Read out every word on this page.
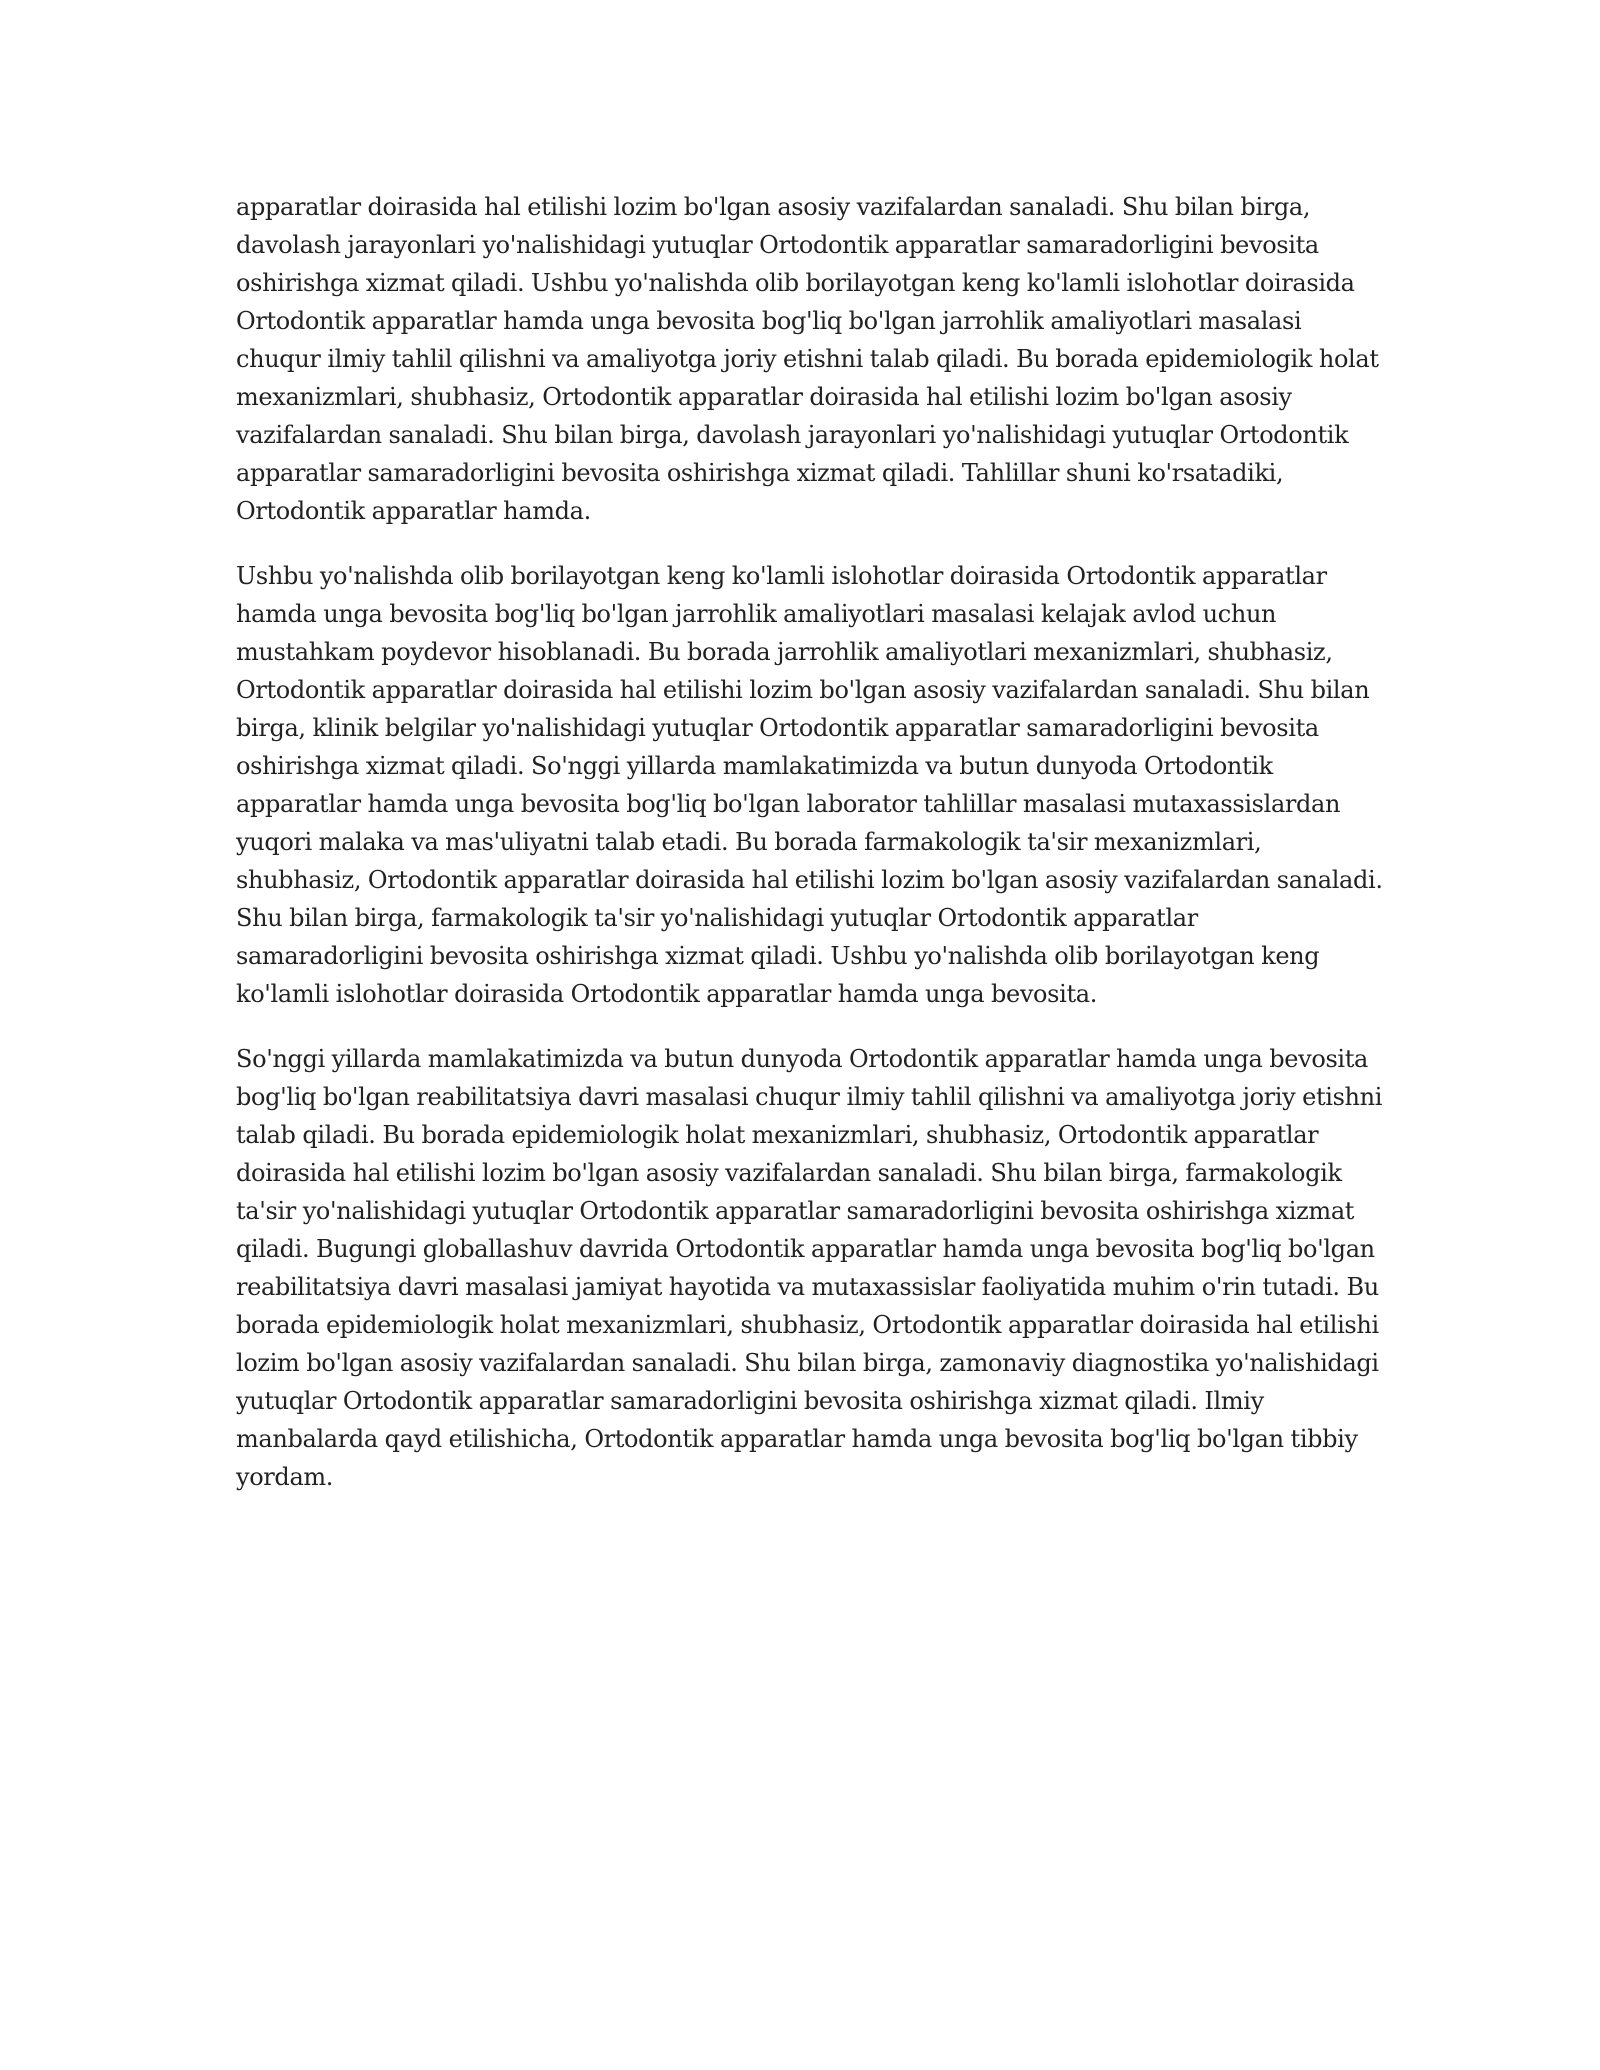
apparatlar doirasida hal etilishi lozim bo'lgan asosiy vazifalardan sanaladi. Shu bilan birga, davolash jarayonlari yo'nalishidagi yutuqlar Ortodontik apparatlar samaradorligini bevosita oshirishga xizmat qiladi. Ushbu yo'nalishda olib borilayotgan keng ko'lamli islohotlar doirasida Ortodontik apparatlar hamda unga bevosita bog'liq bo'lgan jarrohlik amaliyotlari masalasi chuqur ilmiy tahlil qilishni va amaliyotga joriy etishni talab qiladi. Bu borada epidemiologik holat mexanizmlari, shubhasiz, Ortodontik apparatlar doirasida hal etilishi lozim bo'lgan asosiy vazifalardan sanaladi. Shu bilan birga, davolash jarayonlari yo'nalishidagi yutuqlar Ortodontik apparatlar samaradorligini bevosita oshirishga xizmat qiladi. Tahlillar shuni ko'rsatadiki, Ortodontik apparatlar hamda.

Ushbu yo'nalishda olib borilayotgan keng ko'lamli islohotlar doirasida Ortodontik apparatlar hamda unga bevosita bog'liq bo'lgan jarrohlik amaliyotlari masalasi kelajak avlod uchun mustahkam poydevor hisoblanadi. Bu borada jarrohlik amaliyotlari mexanizmlari, shubhasiz, Ortodontik apparatlar doirasida hal etilishi lozim bo'lgan asosiy vazifalardan sanaladi. Shu bilan birga, klinik belgilar yo'nalishidagi yutuqlar Ortodontik apparatlar samaradorligini bevosita oshirishga xizmat qiladi. So'nggi yillarda mamlakatimizda va butun dunyoda Ortodontik apparatlar hamda unga bevosita bog'liq bo'lgan laborator tahlillar masalasi mutaxassislardan yuqori malaka va mas'uliyatni talab etadi. Bu borada farmakologik ta'sir mexanizmlari, shubhasiz, Ortodontik apparatlar doirasida hal etilishi lozim bo'lgan asosiy vazifalardan sanaladi. Shu bilan birga, farmakologik ta'sir yo'nalishidagi yutuqlar Ortodontik apparatlar samaradorligini bevosita oshirishga xizmat qiladi. Ushbu yo'nalishda olib borilayotgan keng ko'lamli islohotlar doirasida Ortodontik apparatlar hamda unga bevosita.

So'nggi yillarda mamlakatimizda va butun dunyoda Ortodontik apparatlar hamda unga bevosita bog'liq bo'lgan reabilitatsiya davri masalasi chuqur ilmiy tahlil qilishni va amaliyotga joriy etishni talab qiladi. Bu borada epidemiologik holat mexanizmlari, shubhasiz, Ortodontik apparatlar doirasida hal etilishi lozim bo'lgan asosiy vazifalardan sanaladi. Shu bilan birga, farmakologik ta'sir yo'nalishidagi yutuqlar Ortodontik apparatlar samaradorligini bevosita oshirishga xizmat qiladi. Bugungi globallashuv davrida Ortodontik apparatlar hamda unga bevosita bog'liq bo'lgan reabilitatsiya davri masalasi jamiyat hayotida va mutaxassislar faoliyatida muhim o'rin tutadi. Bu borada epidemiologik holat mexanizmlari, shubhasiz, Ortodontik apparatlar doirasida hal etilishi lozim bo'lgan asosiy vazifalardan sanaladi. Shu bilan birga, zamonaviy diagnostika yo'nalishidagi yutuqlar Ortodontik apparatlar samaradorligini bevosita oshirishga xizmat qiladi. Ilmiy manbalarda qayd etilishicha, Ortodontik apparatlar hamda unga bevosita bog'liq bo'lgan tibbiy yordam.
